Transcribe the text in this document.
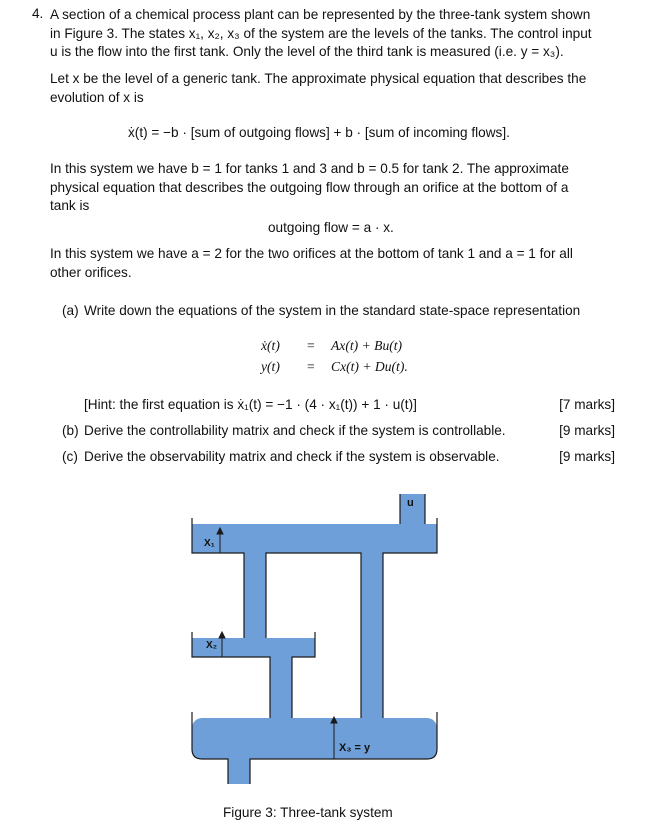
4. A section of a chemical process plant can be represented by the three-tank system shown

in Figure 3. The states x₁, x₂, x₃ of the system are the levels of the tanks. The control input

u is the flow into the first tank. Only the level of the third tank is measured (i.e. y = x₃).

Let x be the level of a generic tank. The approximate physical equation that describes the

evolution of x is

ẋ(t) = −b · [sum of outgoing flows] + b · [sum of incoming flows].

In this system we have b = 1 for tanks 1 and 3 and b = 0.5 for tank 2. The approximate

physical equation that describes the outgoing flow through an orifice at the bottom of a

tank is

outgoing flow = a · x.

In this system we have a = 2 for the two orifices at the bottom of tank 1 and a = 1 for all

other orifices.

(a) Write down the equations of the system in the standard state-space representation
ẋ(t) = Ax(t) + Bu(t)
y(t) = Cx(t) + Du(t).
[Hint: the first equation is ẋ₁(t) = −1 · (4 · x₁(t)) + 1 · u(t)]	[7 marks]
(b) Derive the controllability matrix and check if the system is controllable.	[9 marks]
(c) Derive the observability matrix and check if the system is observable.	[9 marks]
u
X₁
X₂
X₃ = y
Figure 3: Three-tank system
